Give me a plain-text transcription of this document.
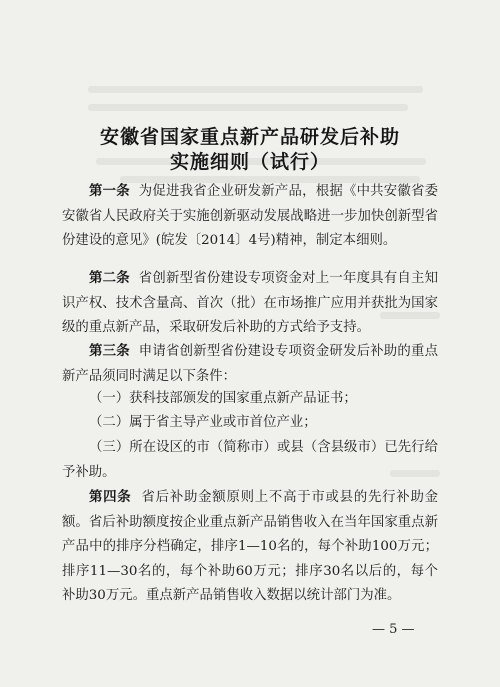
安徽省国家重点新产品研发后补助
实施细则（试行）
第一条 为促进我省企业研发新产品，根据《中共安徽省委安徽省人民政府关于实施创新驱动发展战略进一步加快创新型省份建设的意见》(皖发〔2014〕4号)精神，制定本细则。
第二条 省创新型省份建设专项资金对上一年度具有自主知识产权、技术含量高、首次（批）在市场推广应用并获批为国家级的重点新产品，采取研发后补助的方式给予支持。
第三条 申请省创新型省份建设专项资金研发后补助的重点新产品须同时满足以下条件：
（一）获科技部颁发的国家重点新产品证书；
（二）属于省主导产业或市首位产业；
（三）所在设区的市（简称市）或县（含县级市）已先行给予补助。
第四条 省后补助金额原则上不高于市或县的先行补助金额。省后补助额度按企业重点新产品销售收入在当年国家重点新产品中的排序分档确定，排序1—10名的，每个补助100万元；排序11—30名的，每个补助60万元；排序30名以后的，每个补助30万元。重点新产品销售收入数据以统计部门为准。
— 5 —
